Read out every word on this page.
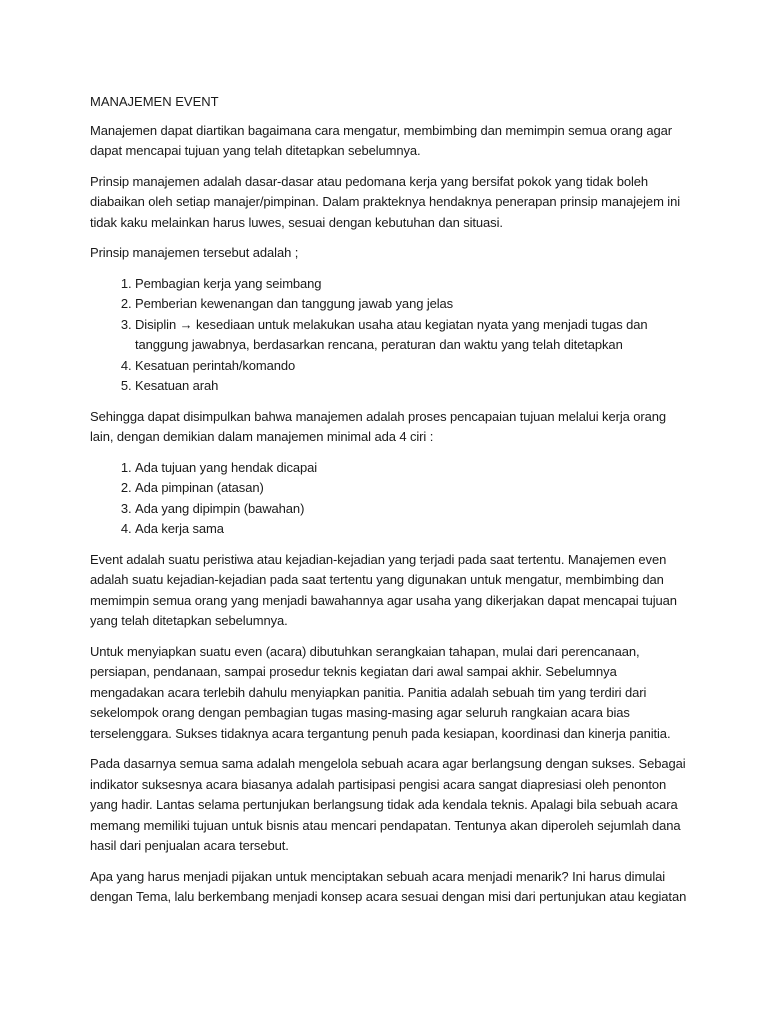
MANAJEMEN EVENT

Manajemen dapat diartikan bagaimana cara mengatur, membimbing dan memimpin semua orang agar dapat mencapai tujuan yang telah ditetapkan sebelumnya.

Prinsip manajemen adalah dasar-dasar atau pedomana kerja yang bersifat pokok yang tidak boleh diabaikan oleh setiap manajer/pimpinan. Dalam prakteknya hendaknya penerapan prinsip manajejem ini tidak kaku melainkan harus luwes, sesuai dengan kebutuhan dan situasi.

Prinsip manajemen tersebut adalah ;

1. Pembagian kerja yang seimbang
2. Pemberian kewenangan dan tanggung jawab yang jelas
3. Disiplin → kesediaan untuk melakukan usaha atau kegiatan nyata yang menjadi tugas dan tanggung jawabnya, berdasarkan rencana, peraturan dan waktu yang telah ditetapkan
4. Kesatuan perintah/komando
5. Kesatuan arah

Sehingga dapat disimpulkan bahwa manajemen adalah proses pencapaian tujuan melalui kerja orang lain, dengan demikian dalam manajemen minimal ada 4 ciri :

1. Ada tujuan yang hendak dicapai
2. Ada pimpinan (atasan)
3. Ada yang dipimpin (bawahan)
4. Ada kerja sama

Event adalah suatu peristiwa atau kejadian-kejadian yang terjadi pada saat tertentu. Manajemen even adalah suatu kejadian-kejadian pada saat tertentu yang digunakan untuk mengatur, membimbing dan memimpin semua orang yang menjadi bawahannya agar usaha yang dikerjakan dapat mencapai tujuan yang telah ditetapkan sebelumnya.

Untuk menyiapkan suatu even (acara) dibutuhkan serangkaian tahapan, mulai dari perencanaan, persiapan, pendanaan, sampai prosedur teknis kegiatan dari awal sampai akhir. Sebelumnya mengadakan acara terlebih dahulu menyiapkan panitia. Panitia adalah sebuah tim yang terdiri dari sekelompok orang dengan pembagian tugas masing-masing agar seluruh rangkaian acara bias terselenggara. Sukses tidaknya acara tergantung penuh pada kesiapan, koordinasi dan kinerja panitia.

Pada dasarnya semua sama adalah mengelola sebuah acara agar berlangsung dengan sukses. Sebagai indikator suksesnya acara biasanya adalah partisipasi pengisi acara sangat diapresiasi oleh penonton yang hadir. Lantas selama pertunjukan berlangsung tidak ada kendala teknis. Apalagi bila sebuah acara memang memiliki tujuan untuk bisnis atau mencari pendapatan. Tentunya akan diperoleh sejumlah dana hasil dari penjualan acara tersebut.

Apa yang harus menjadi pijakan untuk menciptakan sebuah acara menjadi menarik? Ini harus dimulai dengan Tema, lalu berkembang menjadi konsep acara sesuai dengan misi dari pertunjukan atau kegiatan
